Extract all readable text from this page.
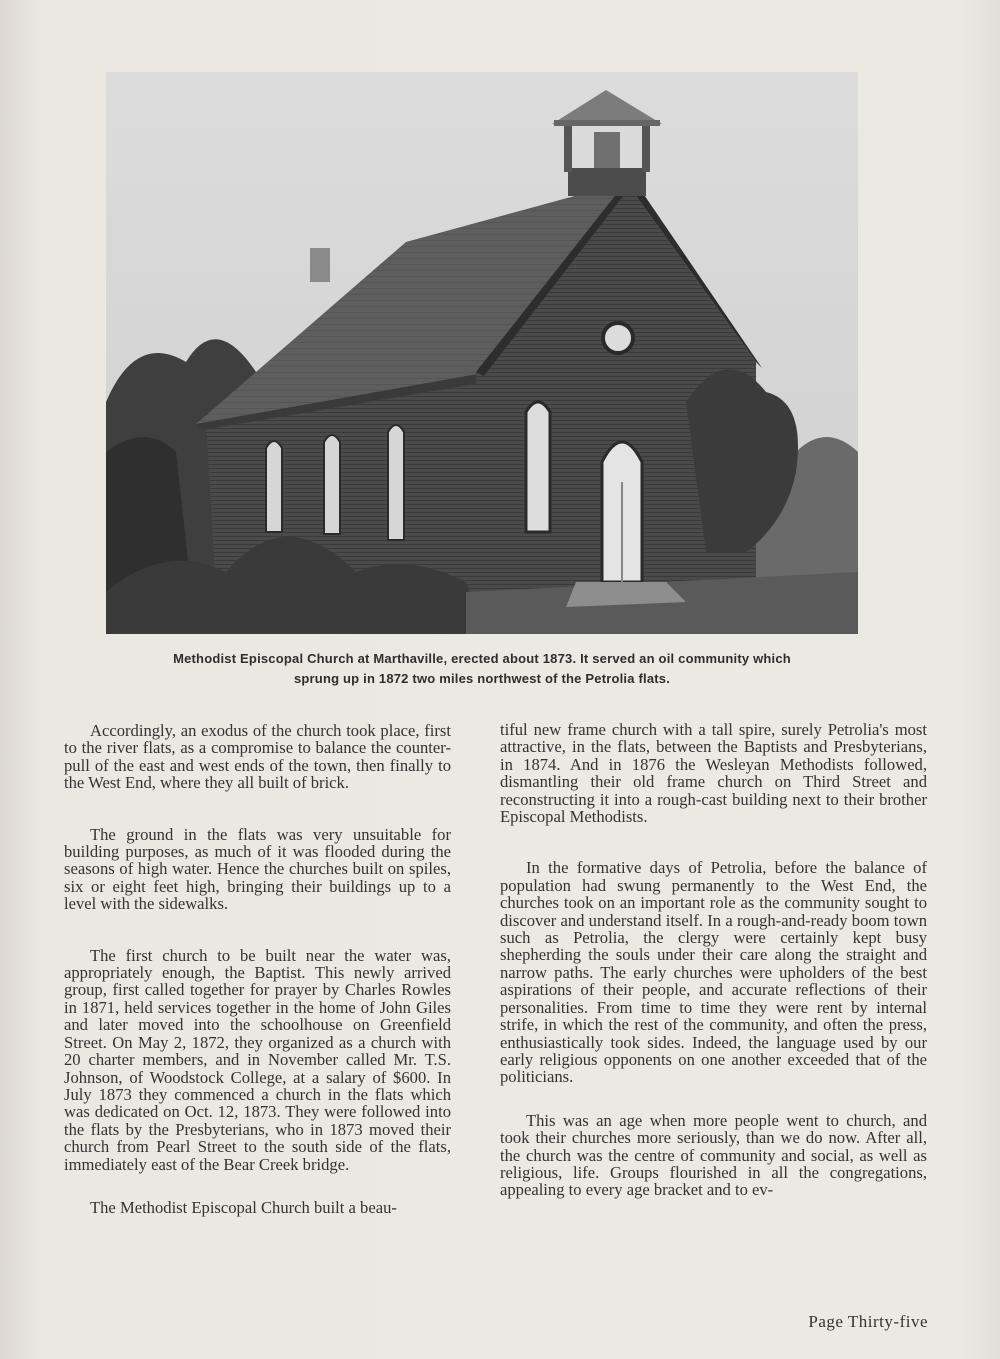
Methodist Episcopal Church at Marthaville, erected about 1873. It served an oil community which
sprung up in 1872 two miles northwest of the Petrolia flats.

Accordingly, an exodus of the church took place, first to the river flats, as a compromise to balance the counter-pull of the east and west ends of the town, then finally to the West End, where they all built of brick.

The ground in the flats was very unsuitable for building purposes, as much of it was flooded during the seasons of high water. Hence the churches built on spiles, six or eight feet high, bringing their buildings up to a level with the sidewalks.

The first church to be built near the water was, appropriately enough, the Baptist. This newly arrived group, first called together for prayer by Charles Rowles in 1871, held services together in the home of John Giles and later moved into the schoolhouse on Greenfield Street. On May 2, 1872, they organized as a church with 20 charter members, and in November called Mr. T.S. Johnson, of Woodstock College, at a salary of $600. In July 1873 they commenced a church in the flats which was dedicated on Oct. 12, 1873. They were followed into the flats by the Presbyterians, who in 1873 moved their church from Pearl Street to the south side of the flats, immediately east of the Bear Creek bridge.

The Methodist Episcopal Church built a beau-

tiful new frame church with a tall spire, surely Petrolia's most attractive, in the flats, between the Baptists and Presbyterians, in 1874. And in 1876 the Wesleyan Methodists followed, dismantling their old frame church on Third Street and reconstructing it into a rough-cast building next to their brother Episcopal Methodists.

In the formative days of Petrolia, before the balance of population had swung permanently to the West End, the churches took on an important role as the community sought to discover and understand itself. In a rough-and-ready boom town such as Petrolia, the clergy were certainly kept busy shepherding the souls under their care along the straight and narrow paths. The early churches were upholders of the best aspirations of their people, and accurate reflections of their personalities. From time to time they were rent by internal strife, in which the rest of the community, and often the press, enthusiastically took sides. Indeed, the language used by our early religious opponents on one another exceeded that of the politicians.

This was an age when more people went to church, and took their churches more seriously, than we do now. After all, the church was the centre of community and social, as well as religious, life. Groups flourished in all the congregations, appealing to every age bracket and to ev-

Page Thirty-five
